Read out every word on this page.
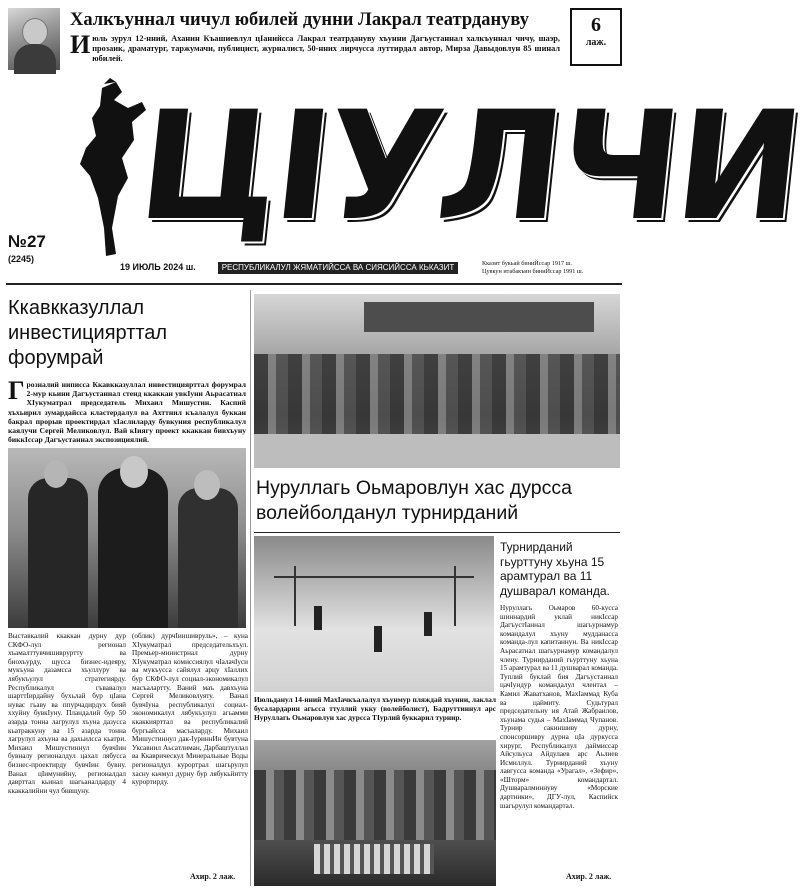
Халкъуннал чичул юбилей дунни Лакрал театрдануву
И юль зурул 12-нний, Аханин Къашиевлул цIанийсса Лакрал театрдануву хъунни Дагъустаннал халкъуннал чичу, шаэр, прозаик, драматург, таржумачи, публицист, журналист, 50-нних лирчусса луттирдал автор, Мирза Давыдовлун 85 шинал юбилей.
6
лаж.
ЦIУЛЧИ
№27
(2245)
19 ИЮЛЬ 2024 ш.	РЕСПУБЛИКАЛУЛ ЖЯМАТИЙССА ВА СИЯСИЙССА КЬКАЗИТ	Кказит букьай биниЙссар 1917 ш.
Цувкун итабакъин биниЙссар 1991 ш.
Ккавкказуллал инвестициярттал форумрай
Г розналий ниписса Ккавкказуллал инвестициярттал форумрал 2-мур кьини Дагъустаннал стенд ккаккан увкIуни Аьрасатнал ХIукуматрал председатель Михаил Мишустин. Каспий хъхьирил зумардайсса кластердалул ва Ахттнил къалалул буккан бакрал прорыв проектирдал хIаслиларду бувкуния республикалул каялучи Сергей Меликовлул. Вай кIиягу проект ккаккан бивхъуну биккIссар Дагъустаннал экспозициялий.
Выставкалий ккаккан дурну дур СКФО-лул регионал хъамалттувчишивруртту ва биохъурду, щусса бизнес-идеяру, мукъуна дазамсса хъуллуру ва лябукъулул стратегиярду. Республикалул гъвавалул шарттIирдайну бухьлай бур цIана нувас гьаву ва ппурчадирдух бияй ххуйну бувкIуну. Пландалий бур 50 азарда тонна лагрулул хъуна дазусса кьатраккуну ва 15 азарда тонна лагрулул ахъуна ва дахьилсса кьатри. Михаил Мишустиннул бувчIин бувналу регионалдул цахал лябусса бизнес-проектирду бувчIин бувну. Ванал цIимунийну, регионалдал даврттал кьинал шагьаналдарду 4 ккаккалийни чул бивщуну.
(облик) дурчIиншивруль», – куна ХIукуматрал председательхъул. Премьер-министрнал дурну ХIукуматрал комиссиялул чIалачIуси ва мукъусса сайялул арцу хIаллих бур СКФО-лул социал-экономикалул масъалартту. Ваний маъ давхъуна Сергей Меликовлуяту. Ванал бувчIуна республикалул социал-экономикалул лябукъулул агьамми ккаккиярттал ва республикалий бургьайсса масъаларду. Михаил Мишустиннул дак-IуриннИн бувтуна Уксавнил Аьсатлиман, Дарбаштуллал ва Ккаврическул Минеральные Воды регионалдул курортрал шагьрулул хасну кьчмул дурну бур лябукьйнтту курортирду.
Ахир. 2 лаж.
Нуруллагь Оьмаровлун хас дурсса волейболданул турнирданий
Турнирданий гьурттуну хьуна 15 арамтурал ва 11 душварал команда.
Июльданул 14-нний МахIачкъалалул хъунмур пляждай хъунни, лаклал бусалардарин агьсса ттуллий укку (волейболист), Бадруттиннул арс Нуруллагь Оьмаровлун хас дурсса ТIурлий буккарил турнир.
Нуруллагь Оьмаров 60-кусса шиннардий уклай никIссар ДагъустIаннал шагьурнамур командалул хъуну мудданасса команда-лул капитаннун. Ва никIсcар Аьрасатнал шагьурнамур командалул члену. Турнирданий гьурттуну хьуна 15 арамтурал ва 11 душварал команда. Туплий буклай бия Дагъустаннал цачIундур командалул члентал – Камил Жаватханов, МахIаммад Куба ва цаймиту. Судьтурал председательну ия Атай Жабраилов, хъунама судья – МахIаммад Чупанов. Турнир сакиншиву дурну, спонсоршивру дурна цIа дуркусса хирург, Республикалул даймиссар Айсульуса Айдулаев арс Аьлиев Исмиллул. Турнирданий хъуну лавгусса команда «Урагал», «Зефир», «Шторм» командартал. Душваралминнуву «Морские дартники», ДГУ-лул, Каспийск шагьрулул командартал.
Ахир. 2 лаж.
